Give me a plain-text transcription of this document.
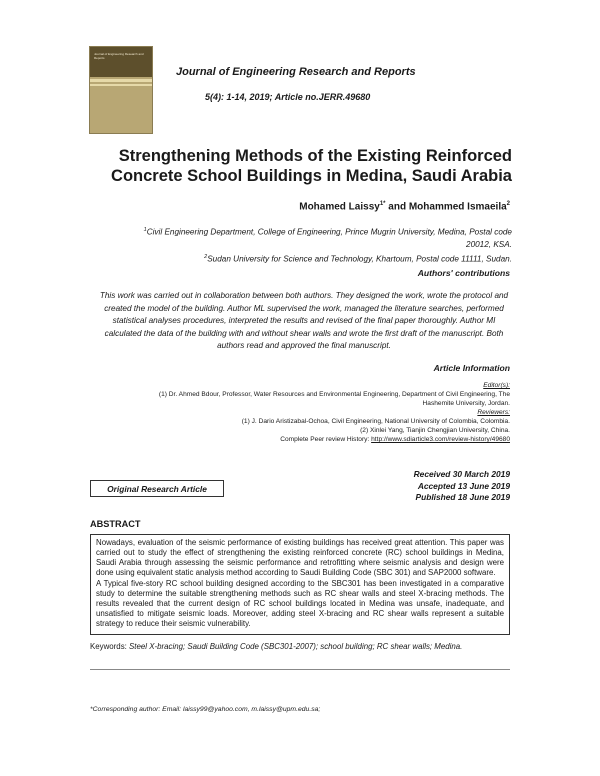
Journal of Engineering Research and Reports
Journal of Engineering Research and Reports
5(4): 1-14, 2019; Article no.JERR.49680
Strengthening Methods of the Existing Reinforced
Concrete School Buildings in Medina, Saudi Arabia
Mohamed Laissy$^{1*}$ and Mohammed Ismaeila$^2$
$^1$Civil Engineering Department, College of Engineering, Prince Mugrin University, Medina, Postal code
20012, KSA.
$^2$Sudan University for Science and Technology, Khartoum, Postal code 11111, Sudan.
Authors' contributions
This work was carried out in collaboration between both authors. They designed the work, wrote the protocol and created the model of the building. Author ML supervised the work, managed the literature searches, performed statistical analyses procedures, interpreted the results and revised of the final paper thoroughly. Author MI calculated the data of the building with and without shear walls and wrote the first draft of the manuscript. Both authors read and approved the final manuscript.
Article Information
Editor(s):
(1) Dr. Ahmed Bdour, Professor, Water Resources and Environmental Engineering, Department of Civil Engineering, The
Hashemite University, Jordan.
Reviewers:
(1) J. Dario Aristizabal-Ochoa, Civil Engineering, National University of Colombia, Colombia.
(2) Xinlei Yang, Tianjin Chengjian University, China.
Complete Peer review History: http://www.sdiarticle3.com/review-history/49680
Received 30 March 2019
Accepted 13 June 2019
Published 18 June 2019
Original Research Article
ABSTRACT

Nowadays, evaluation of the seismic performance of existing buildings has received great attention. This paper was carried out to study the effect of strengthening the existing reinforced concrete (RC) school buildings in Medina, Saudi Arabia through assessing the seismic performance and retrofitting where seismic analysis and design were done using equivalent static analysis method according to Saudi Building Code (SBC 301) and SAP2000 software.

A Typical five-story RC school building designed according to the SBC301 has been investigated in a comparative study to determine the suitable strengthening methods such as RC shear walls and steel X-bracing methods. The results revealed that the current design of RC school buildings located in Medina was unsafe, inadequate, and unsatisfied to mitigate seismic loads. Moreover, adding steel X-bracing and RC shear walls represent a suitable strategy to reduce their seismic vulnerability.

Keywords: Steel X-bracing; Saudi Building Code (SBC301-2007); school building; RC shear walls; Medina.
*Corresponding author: Email: laissy99@yahoo.com, m.laissy@upm.edu.sa;
